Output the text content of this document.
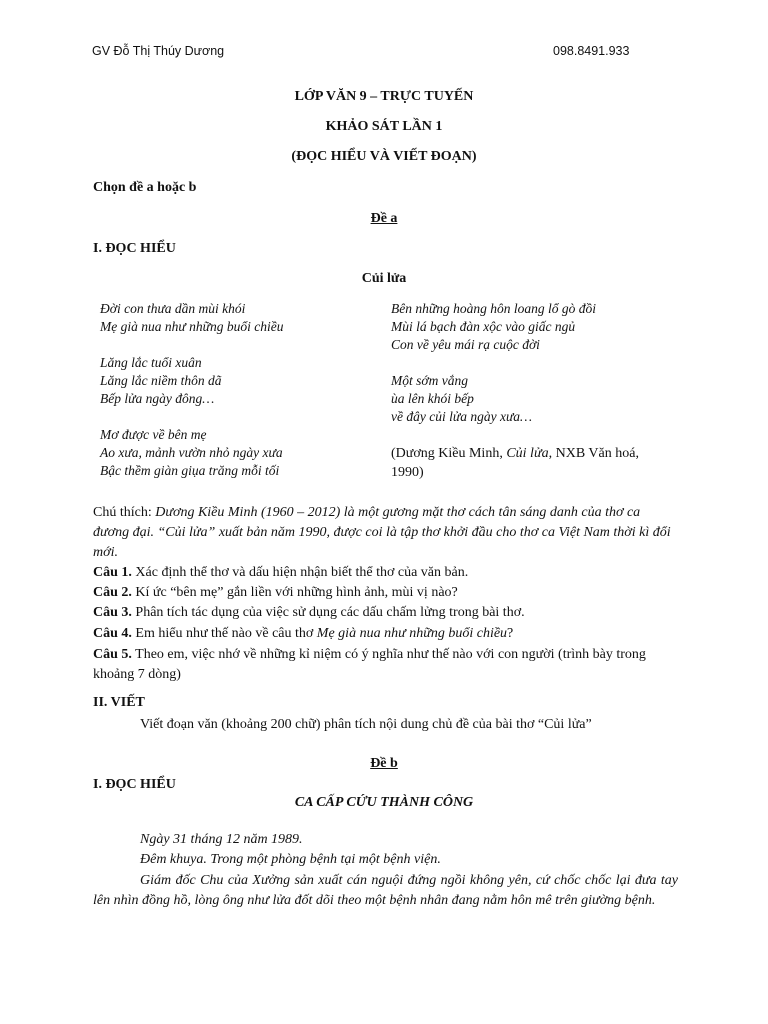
GV Đỗ Thị Thúy Dương	098.8491.933
LỚP VĂN 9 – TRỰC TUYẾN
KHẢO SÁT LẦN 1
(ĐỌC HIỂU VÀ VIẾT ĐOẠN)
Chọn đề a hoặc b
Đề a
I. ĐỌC HIỂU
Củi lửa
Đời con thưa dần mùi khói
Mẹ già nua như những buổi chiều
Lăng lắc tuổi xuân
Lăng lắc niềm thôn dã
Bếp lửa ngày đông…
Mơ được về bên mẹ
Ao xưa, mảnh vườn nhỏ ngày xưa
Bậc thềm giàn giụa trăng mỗi tối
Bên những hoàng hôn loang lổ gò đồi
Mùi lá bạch đàn xộc vào giấc ngủ
Con về yêu mái rạ cuộc đời
Một sớm vắng
ùa lên khói bếp
về đây củi lửa ngày xưa…
(Dương Kiều Minh, Củi lửa, NXB Văn hoá,
1990)
Chú thích: Dương Kiều Minh (1960 – 2012) là một gương mặt thơ cách tân sáng danh của thơ ca đương đại. “Củi lửa” xuất bản năm 1990, được coi là tập thơ khởi đầu cho thơ ca Việt Nam thời kì đổi mới.
Câu 1. Xác định thể thơ và dấu hiện nhận biết thể thơ của văn bản.
Câu 2. Kí ức “bên mẹ” gắn liền với những hình ảnh, mùi vị nào?
Câu 3. Phân tích tác dụng của việc sử dụng các dấu chấm lửng trong bài thơ.
Câu 4. Em hiểu như thế nào về câu thơ Mẹ già nua như những buổi chiều?
Câu 5. Theo em, việc nhớ về những kỉ niệm có ý nghĩa như thế nào với con người (trình bày trong khoảng 7 dòng)
II. VIẾT
Viết đoạn văn (khoảng 200 chữ) phân tích nội dung chủ đề của bài thơ “Củi lửa”
Đề b
I. ĐỌC HIỂU
CA CẤP CỨU THÀNH CÔNG
Ngày 31 tháng 12 năm 1989.
Đêm khuya. Trong một phòng bệnh tại một bệnh viện.
Giám đốc Chu của Xưởng sản xuất cán nguội đứng ngồi không yên, cứ chốc chốc lại đưa tay lên nhìn đồng hồ, lòng ông như lửa đốt dõi theo một bệnh nhân đang nằm hôn mê trên giường bệnh.
